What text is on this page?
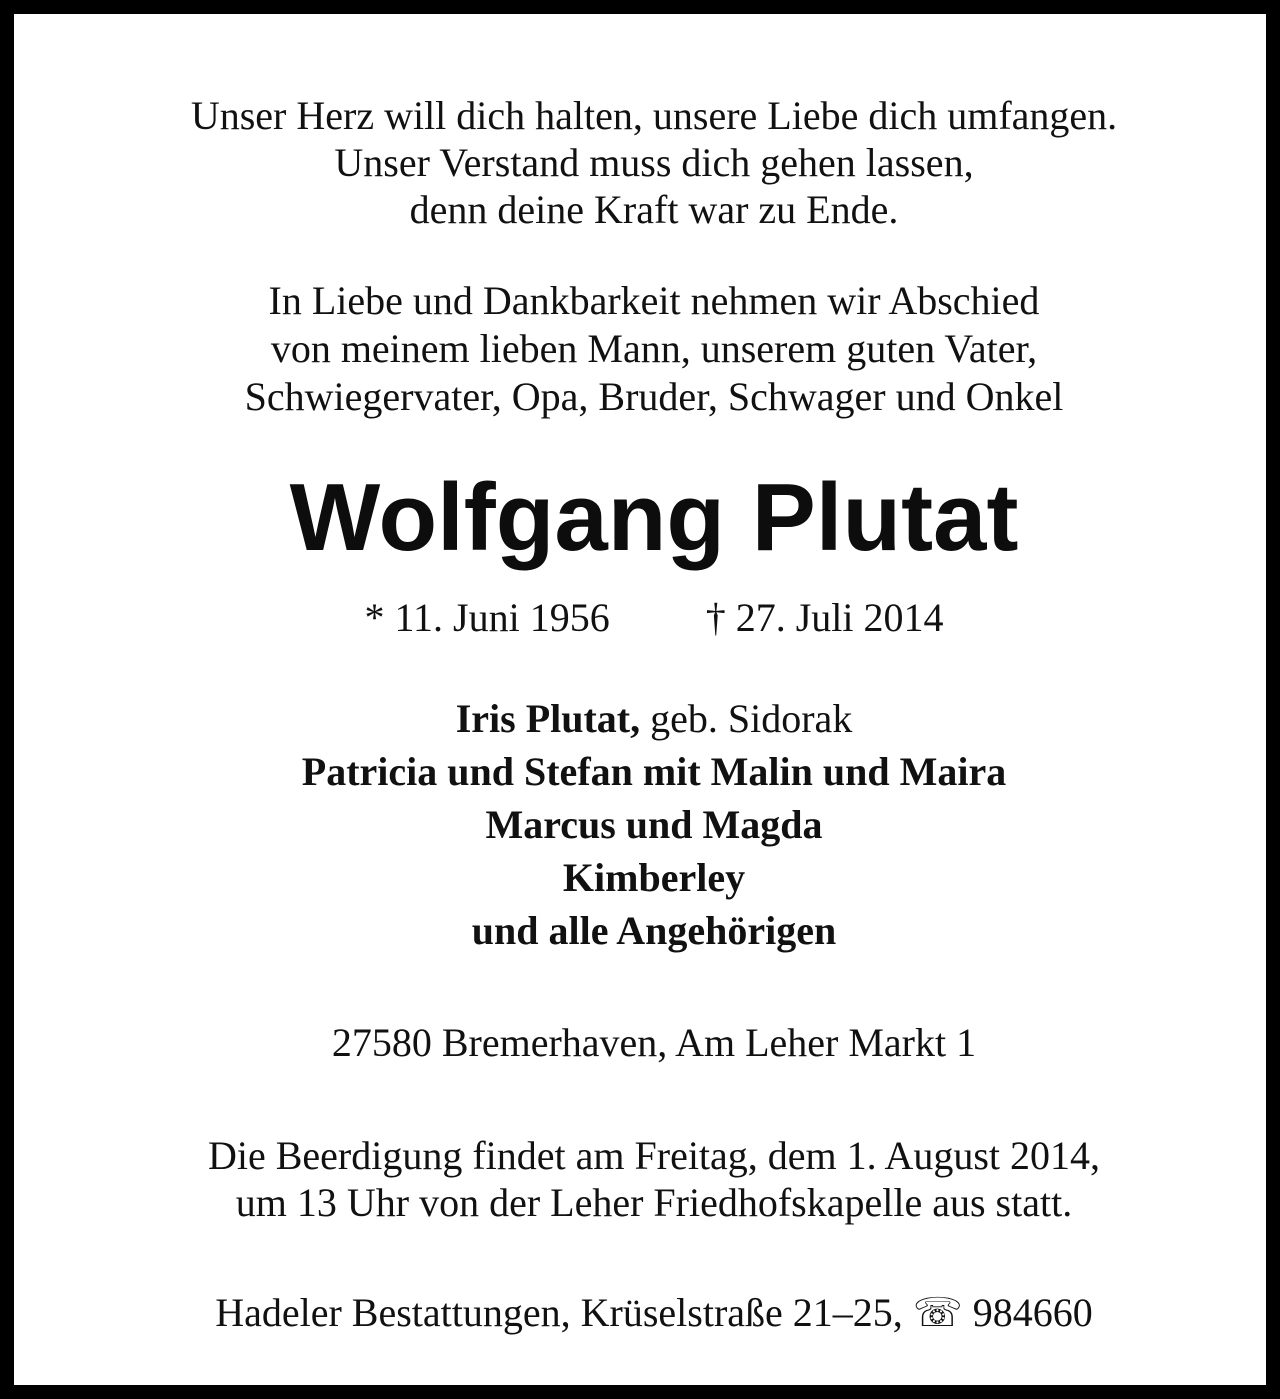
Unser Herz will dich halten, unsere Liebe dich umfangen.
Unser Verstand muss dich gehen lassen,
denn deine Kraft war zu Ende.
In Liebe und Dankbarkeit nehmen wir Abschied
von meinem lieben Mann, unserem guten Vater,
Schwiegervater, Opa, Bruder, Schwager und Onkel
Wolfgang Plutat
* 11. Juni 1956 † 27. Juli 2014
Iris Plutat, geb. Sidorak
Patricia und Stefan mit Malin und Maira
Marcus und Magda
Kimberley
und alle Angehörigen
27580 Bremerhaven, Am Leher Markt 1
Die Beerdigung findet am Freitag, dem 1. August 2014,
um 13 Uhr von der Leher Friedhofskapelle aus statt.
Hadeler Bestattungen, Krüselstraße 21–25, ☏ 984660
